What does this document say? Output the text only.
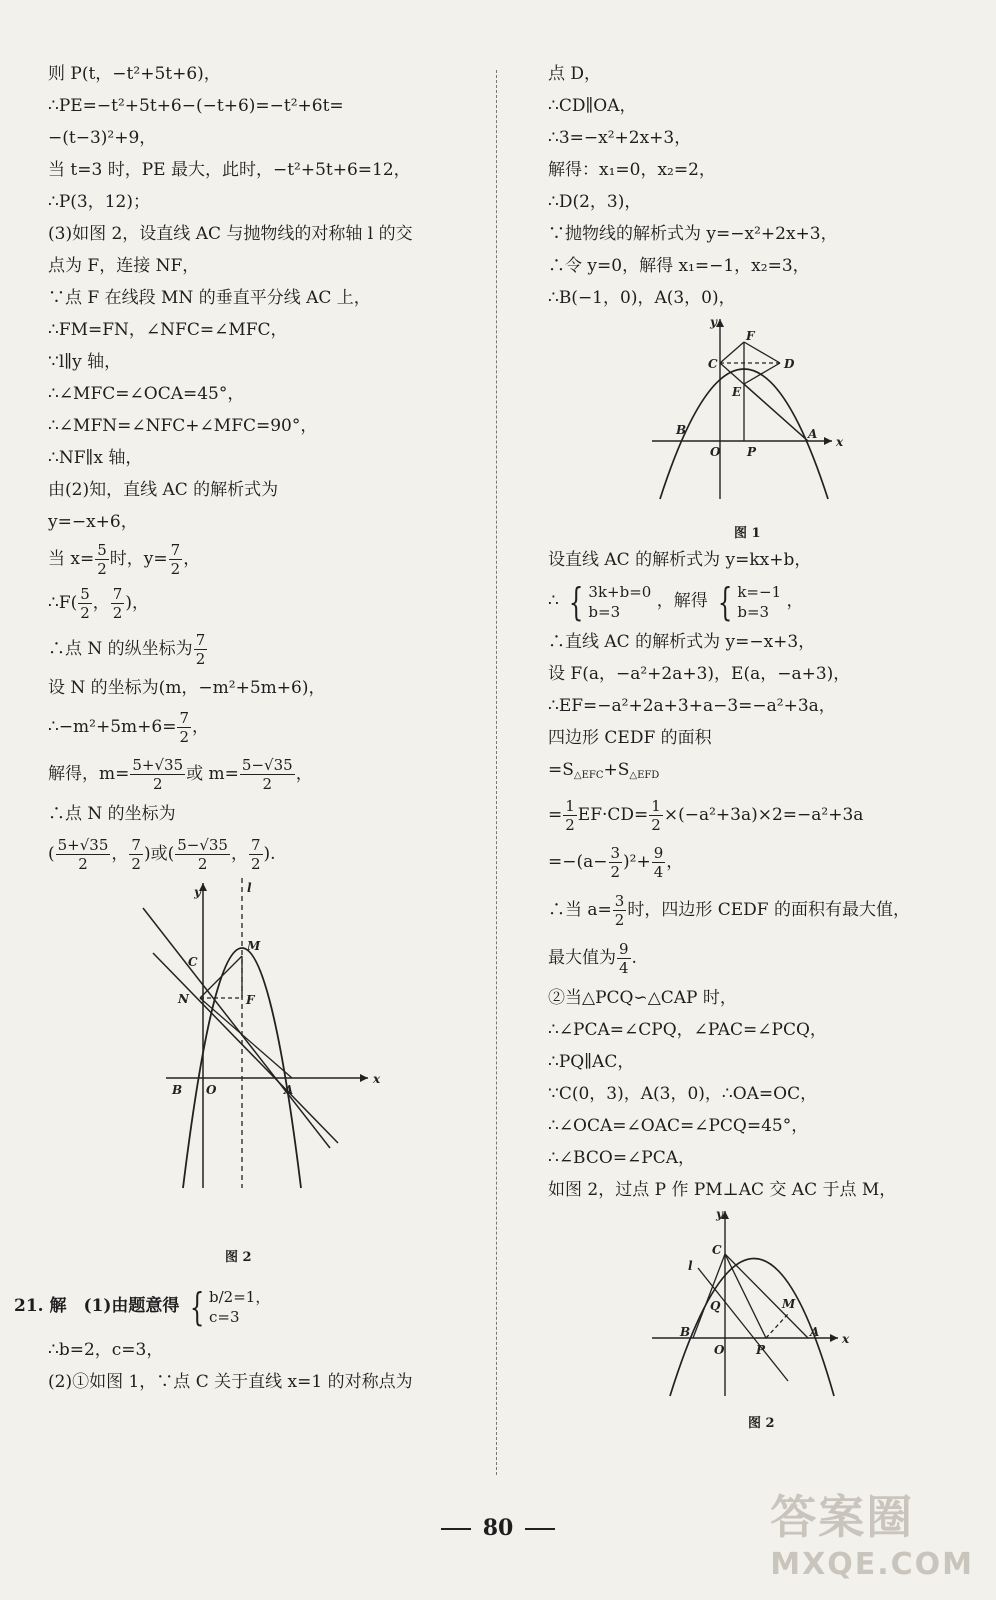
则 P(t，−t²+5t+6)，
∴PE=−t²+5t+6−(−t+6)=−t²+6t=
−(t−3)²+9，
当 t=3 时，PE 最大，此时，−t²+5t+6=12，
∴P(3，12)；
(3)如图 2，设直线 AC 与抛物线的对称轴 l 的交
点为 F，连接 NF，
∵点 F 在线段 MN 的垂直平分线 AC 上，
∴FM=FN，∠NFC=∠MFC，
∵l∥y 轴，
∴∠MFC=∠OCA=45°，
∴∠MFN=∠NFC+∠MFC=90°，
∴NF∥x 轴，
由(2)知，直线 AC 的解析式为
y=−x+6，
当 $x= \frac{5}{2}$ 时，$y= \frac{7}{2}$ ，
∴F( $\frac{5}{2}$ ， $\frac{7}{2}$ )，
∴点 N 的纵坐标为 $\frac{7}{2}$
设 N 的坐标为(m，−m²+5m+6)，
∴−m²+5m+6= $\frac{7}{2}$ ，
解得，$m= \frac{5+√35}{2}$ 或 $m= \frac{5-√35}{2}$ ，
∴点 N 的坐标为
( $\frac{5+√35}{2}$ ， $\frac{7}{2}$ )或( $\frac{5-√35}{2}$ ， $\frac{7}{2}$ ).
y	l
x
C
M
N	F
B O	A
图 2
21. 解　(1)由题意得 { b/2=1，
c=3
∴b=2，c=3，
(2)①如图 1，∵点 C 关于直线 x=1 的对称点为
点 D，
∴CD∥OA，
∴3=−x²+2x+3，
解得：x₁=0，x₂=2，
∴D(2，3)，
∵抛物线的解析式为 y=−x²+2x+3，
∴令 y=0，解得 x₁=−1，x₂=3，
∴B(−1，0)，A(3，0)，
y
x
F
C	D
E
B	A
O P
图 1
设直线 AC 的解析式为 y=kx+b，
∴ { 3k+b=0
b=3
，解得 { k=−1
b=3
，
∴直线 AC 的解析式为 y=−x+3，
设 F(a，−a²+2a+3)，E(a，−a+3)，
∴EF=−a²+2a+3+a−3=−a²+3a，
四边形 CEDF 的面积
$=S_{\triangle EFC}+S_{\triangle EFD}$
= $\frac{1}{2} EF\cdot CD= \frac{1}{2} \times(-a^2+3a)\times 2=-a^2+3a$
$=-(a- \frac{3}{2} )^2+ \frac{9}{4}$ ，
∴当 $a= \frac{3}{2}$ 时，四边形 CEDF 的面积有最大值，
最大值为 $\frac{9}{4}$ .
②当△PCQ∽△CAP 时，
∴∠PCA=∠CPQ，∠PAC=∠PCQ，
∴PQ∥AC，
∵C(0，3)，A(3，0)，∴OA=OC，
∴∠OCA=∠OAC=∠PCQ=45°，
∴∠BCO=∠PCA，
如图 2，过点 P 作 PM⊥AC 交 AC 于点 M，
y
x
C
l
Q	M
B	A
O	P
图 2
80	答案圈
MXQE.COM
